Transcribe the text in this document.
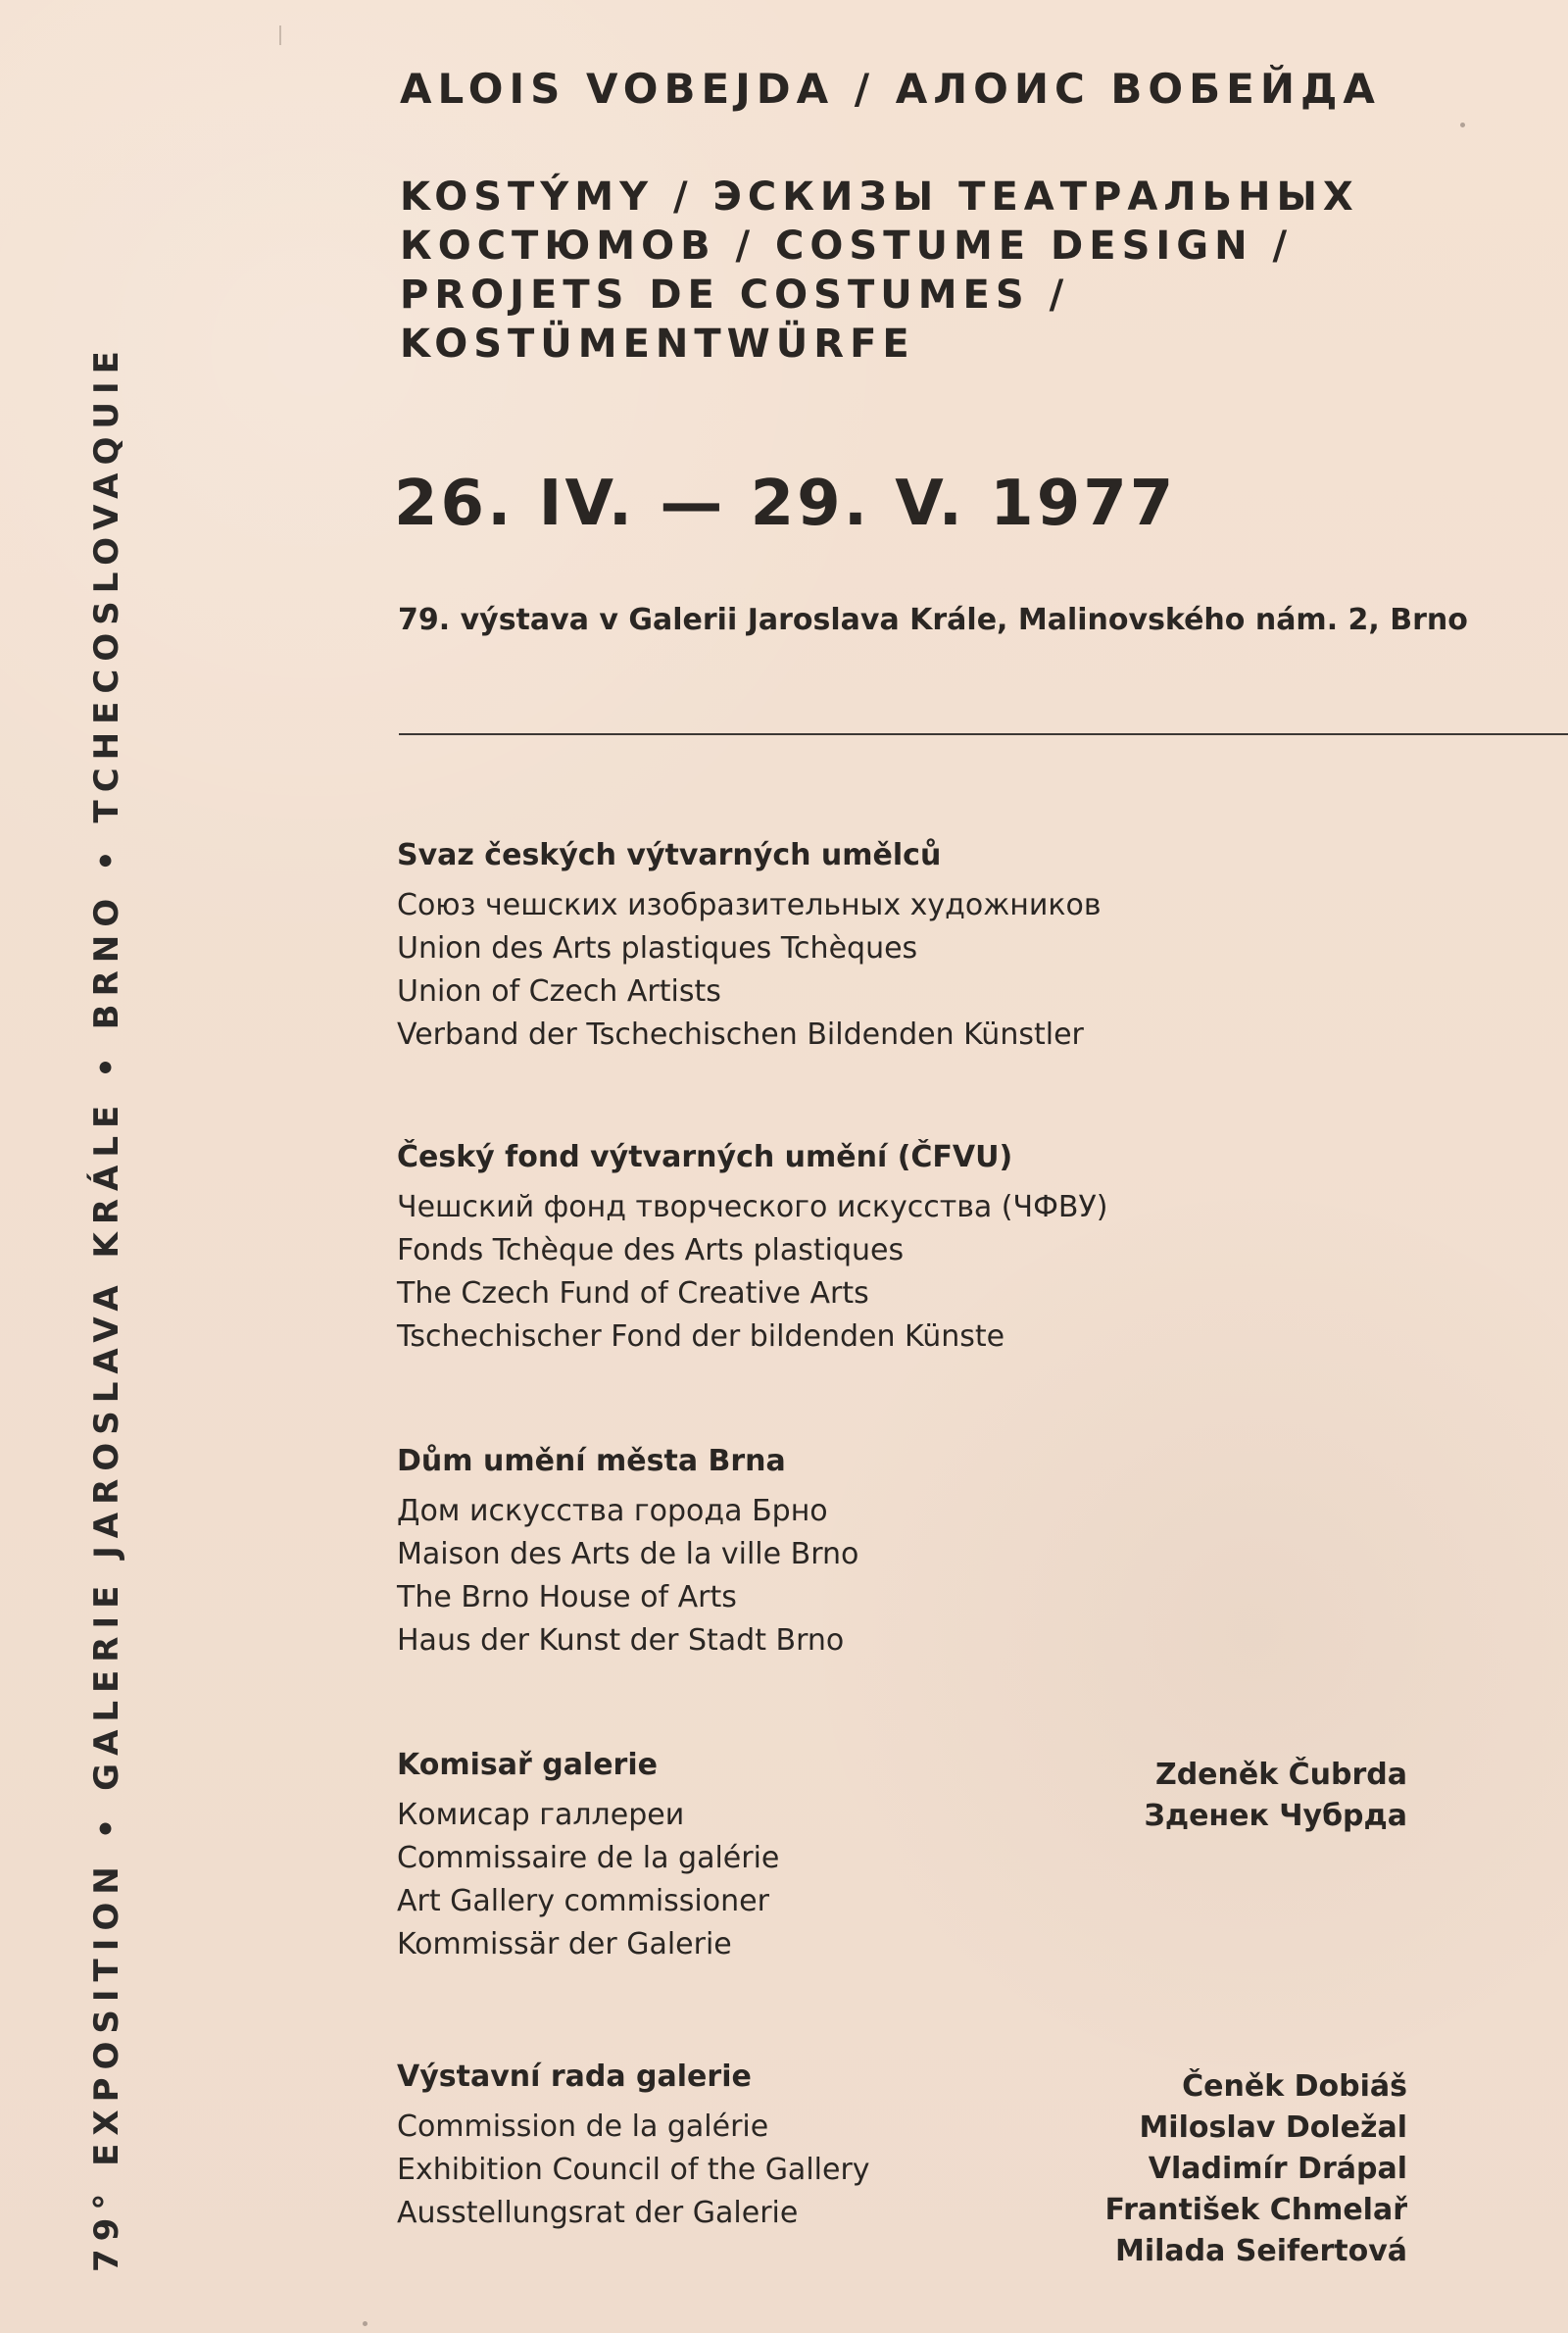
79° EXPOSITION • GALERIE JAROSLAVA KRÁLE • BRNO • TCHECOSLOVAQUIE
ALOIS VOBEJDA / АЛОИС ВОБЕЙДА
KOSTÝMY / ЭСКИЗЫ ТЕАТРАЛЬНЫХ
КОСТЮМОВ / COSTUME DESIGN /
PROJETS DE COSTUMES /
KOSTÜMENTWÜRFE
26. IV. — 29. V. 1977
79. výstava v Galerii Jaroslava Krále, Malinovského nám. 2, Brno
Svaz českých výtvarných umělců
Союз чешских изобразительных художников
Union des Arts plastiques Tchèques
Union of Czech Artists
Verband der Tschechischen Bildenden Künstler
Český fond výtvarných umění (ČFVU)
Чешский фонд творческого искусства (ЧФВУ)
Fonds Tchèque des Arts plastiques
The Czech Fund of Creative Arts
Tschechischer Fond der bildenden Künste
Dům umění města Brna
Дом искусства города Брно
Maison des Arts de la ville Brno
The Brno House of Arts
Haus der Kunst der Stadt Brno
Komisař galerie
Комисар галлереи
Commissaire de la galérie
Art Gallery commissioner
Kommissär der Galerie
Zdeněk Čubrda
Зденек Чубрда
Výstavní rada galerie
Commission de la galérie
Exhibition Council of the Gallery
Ausstellungsrat der Galerie
Čeněk Dobiáš
Miloslav Doležal
Vladimír Drápal
František Chmelař
Milada Seifertová
